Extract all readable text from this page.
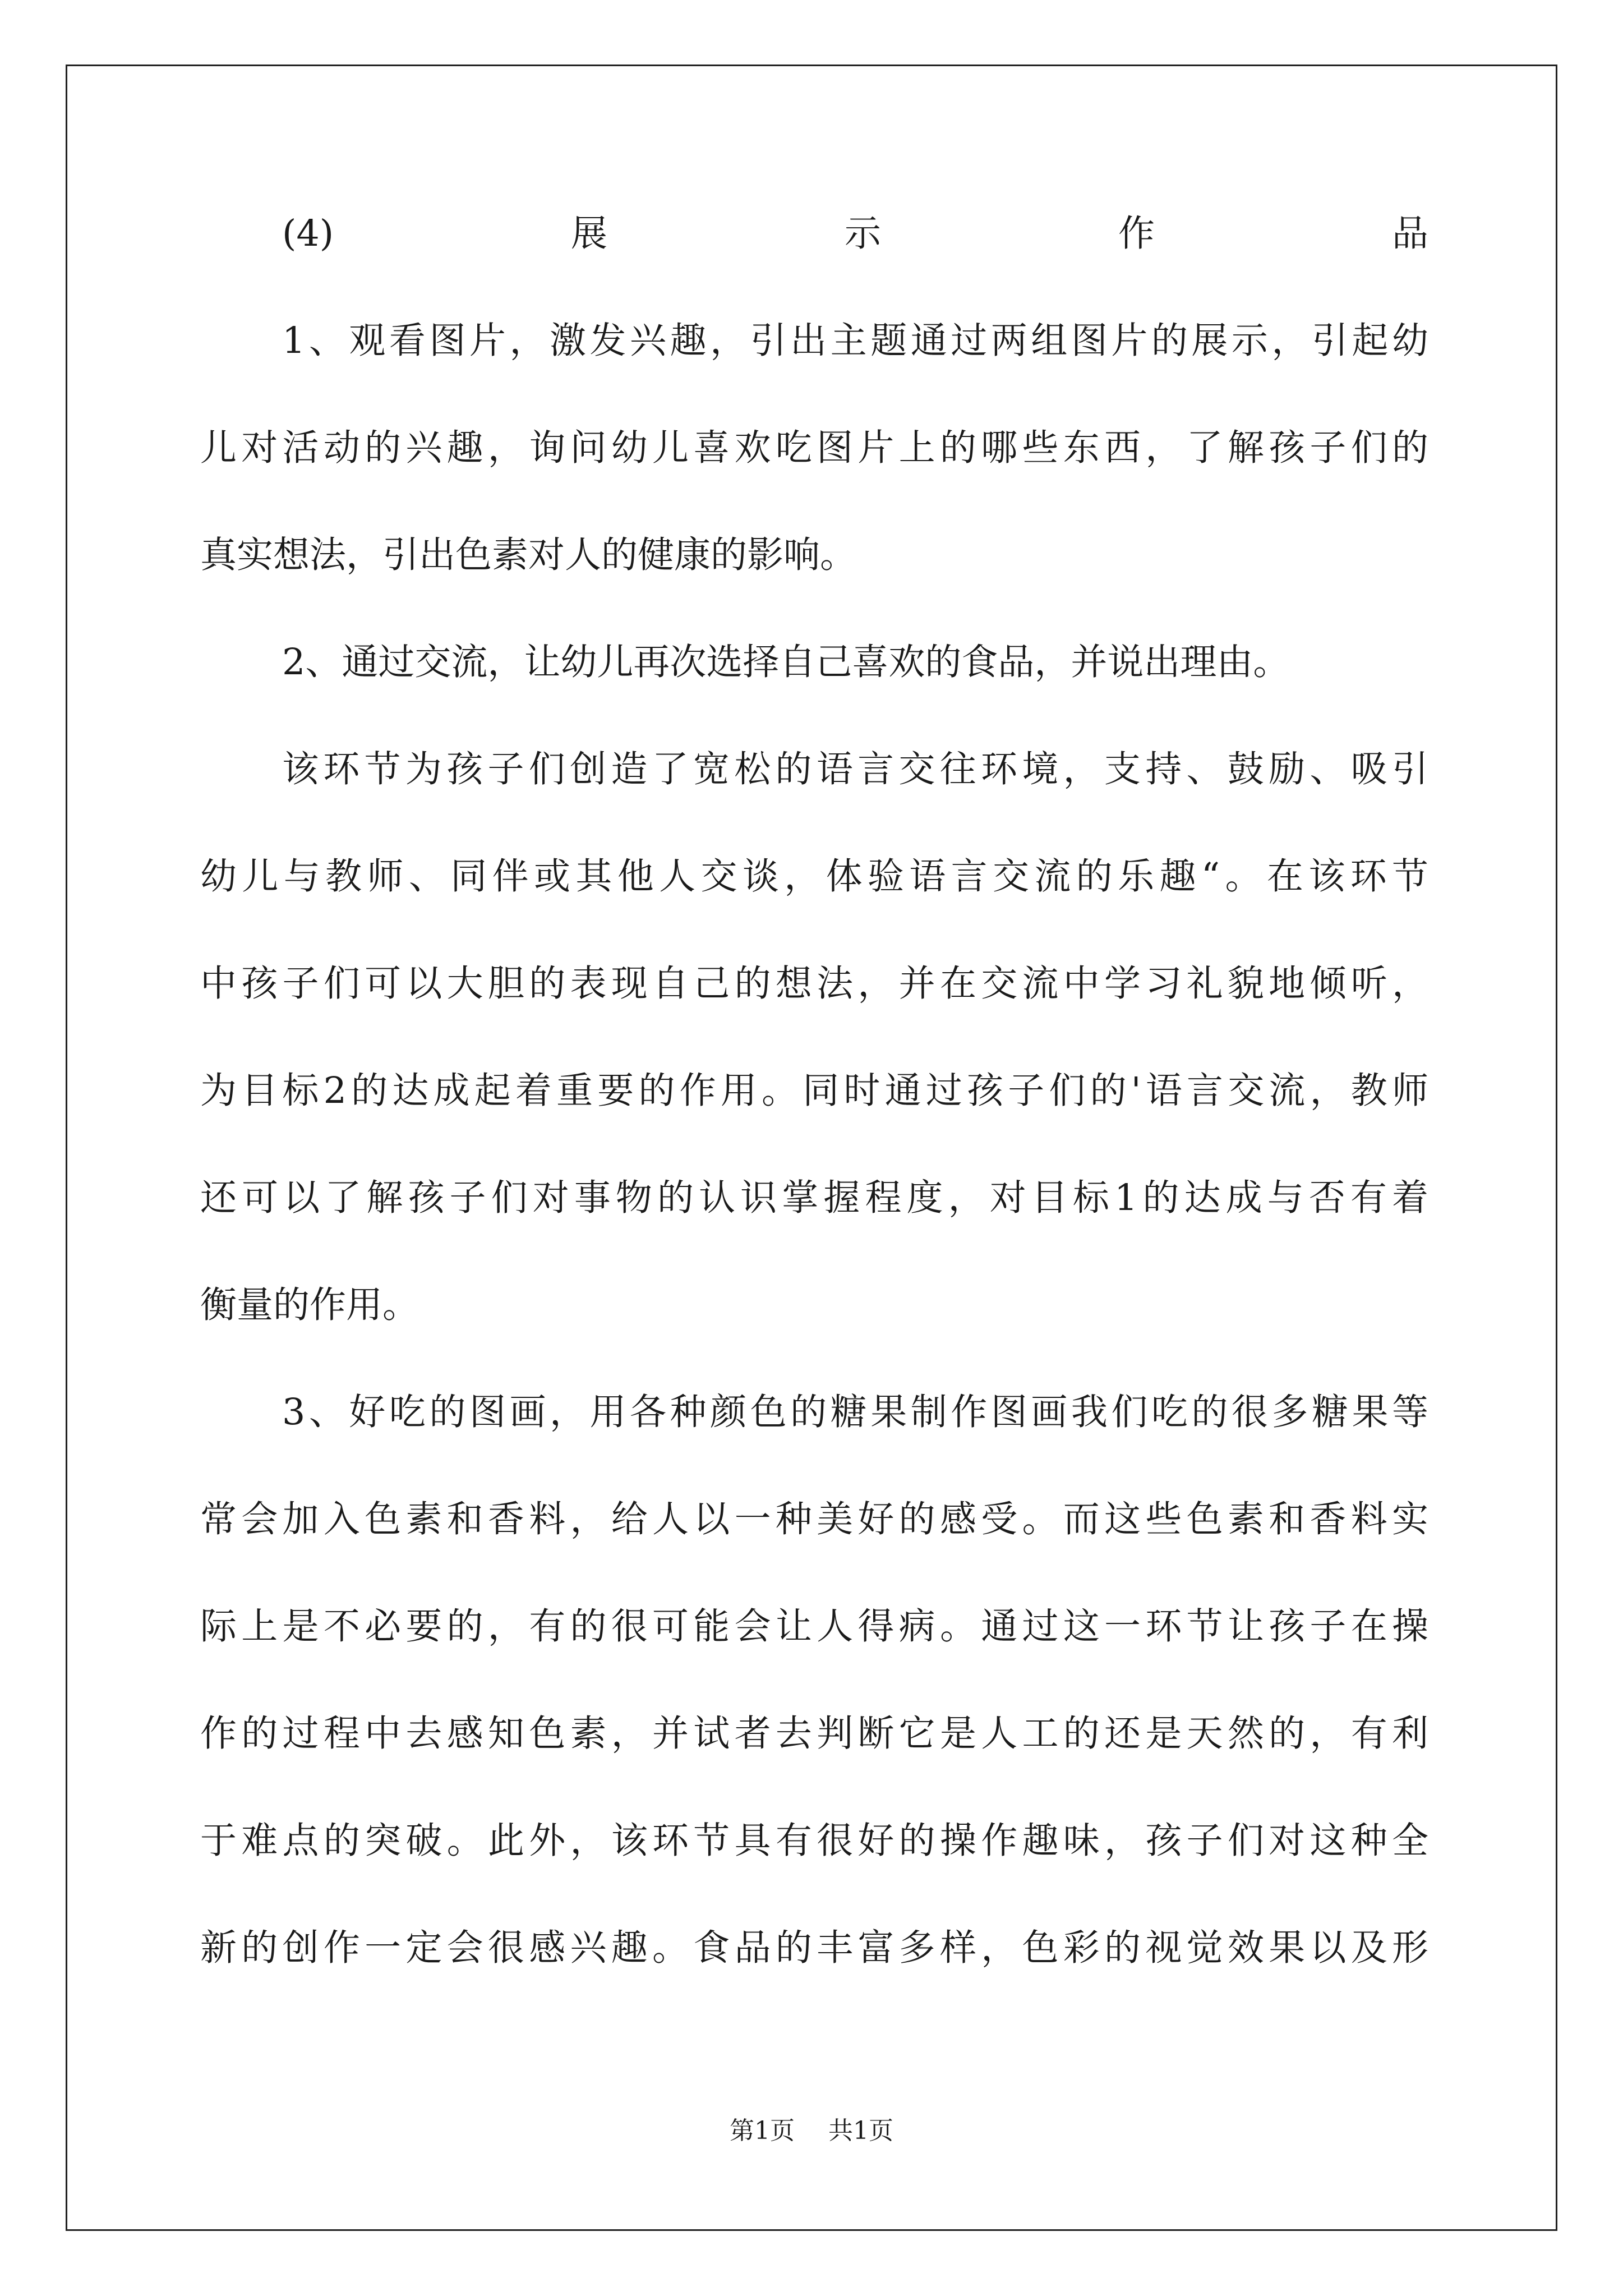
(4)展示作品

1、观看图片，激发兴趣，引出主题通过两组图片的展示，引起幼

儿对活动的兴趣，询问幼儿喜欢吃图片上的哪些东西，了解孩子们的

真实想法，引出色素对人的健康的影响。

2、通过交流，让幼儿再次选择自己喜欢的食品，并说出理由。

该环节为孩子们创造了宽松的语言交往环境，支持、鼓励、吸引

幼儿与教师、同伴或其他人交谈，体验语言交流的乐趣“。在该环节

中孩子们可以大胆的表现自己的想法，并在交流中学习礼貌地倾听，

为目标2的达成起着重要的作用。同时通过孩子们的'语言交流，教师

还可以了解孩子们对事物的认识掌握程度，对目标1的达成与否有着

衡量的作用。

3、好吃的图画，用各种颜色的糖果制作图画我们吃的很多糖果等

常会加入色素和香料，给人以一种美好的感受。而这些色素和香料实

际上是不必要的，有的很可能会让人得病。通过这一环节让孩子在操

作的过程中去感知色素，并试者去判断它是人工的还是天然的，有利

于难点的突破。此外，该环节具有很好的操作趣味，孩子们对这种全

新的创作一定会很感兴趣。食品的丰富多样，色彩的视觉效果以及形

第1页 共1页
